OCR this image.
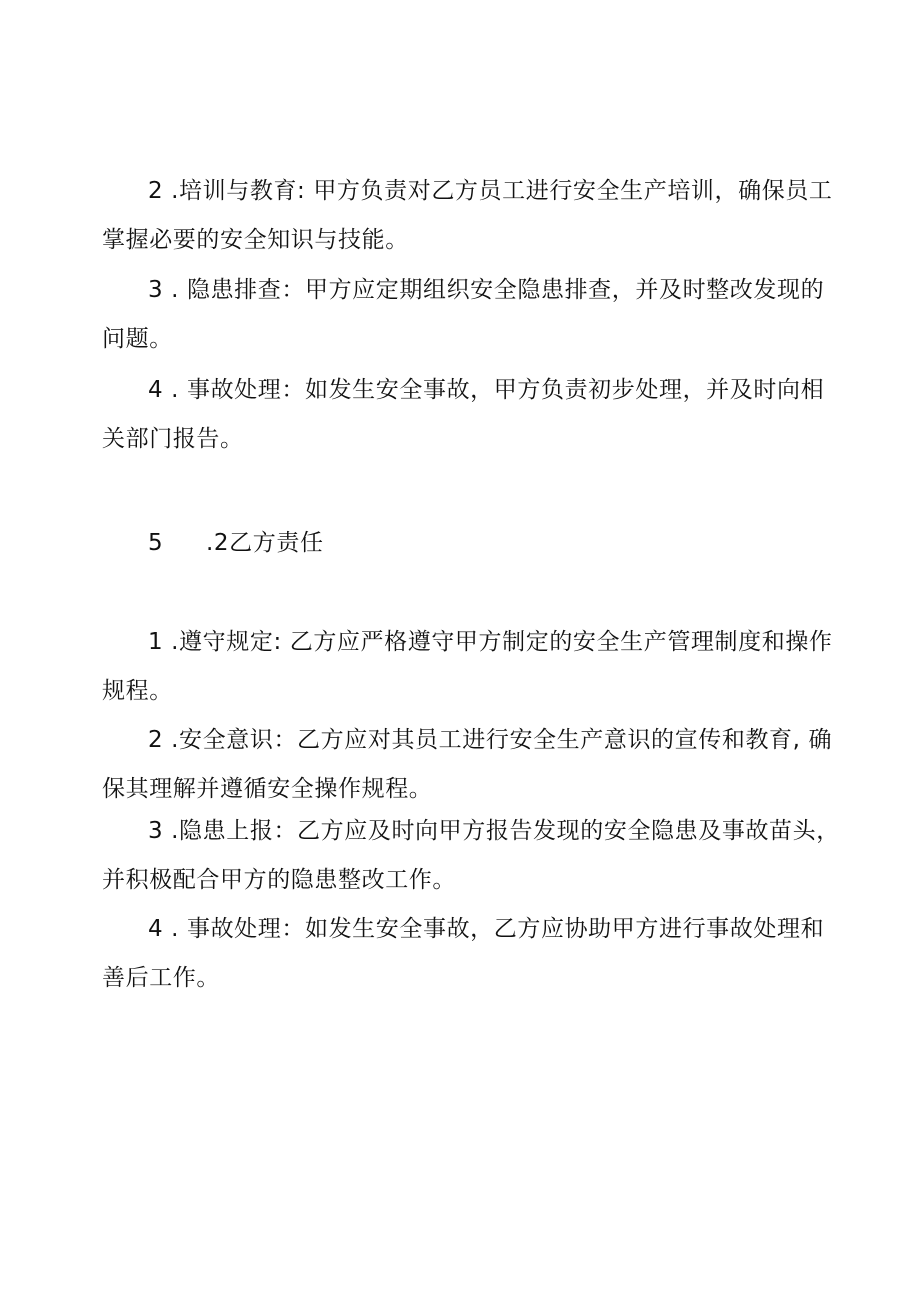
2 .培训与教育: 甲方负责对乙方员工进行安全生产培训，确保员工
掌握必要的安全知识与技能。
3 . 隐患排查：甲方应定期组织安全隐患排查，并及时整改发现的
问题。
4 . 事故处理：如发生安全事故，甲方负责初步处理，并及时向相
关部门报告。
5 .2乙方责任
1 .遵守规定: 乙方应严格遵守甲方制定的安全生产管理制度和操作
规程。
2 .安全意识：乙方应对其员工进行安全生产意识的宣传和教育, 确
保其理解并遵循安全操作规程。
3 .隐患上报：乙方应及时向甲方报告发现的安全隐患及事故苗头，
并积极配合甲方的隐患整改工作。
4 . 事故处理：如发生安全事故，乙方应协助甲方进行事故处理和
善后工作。
